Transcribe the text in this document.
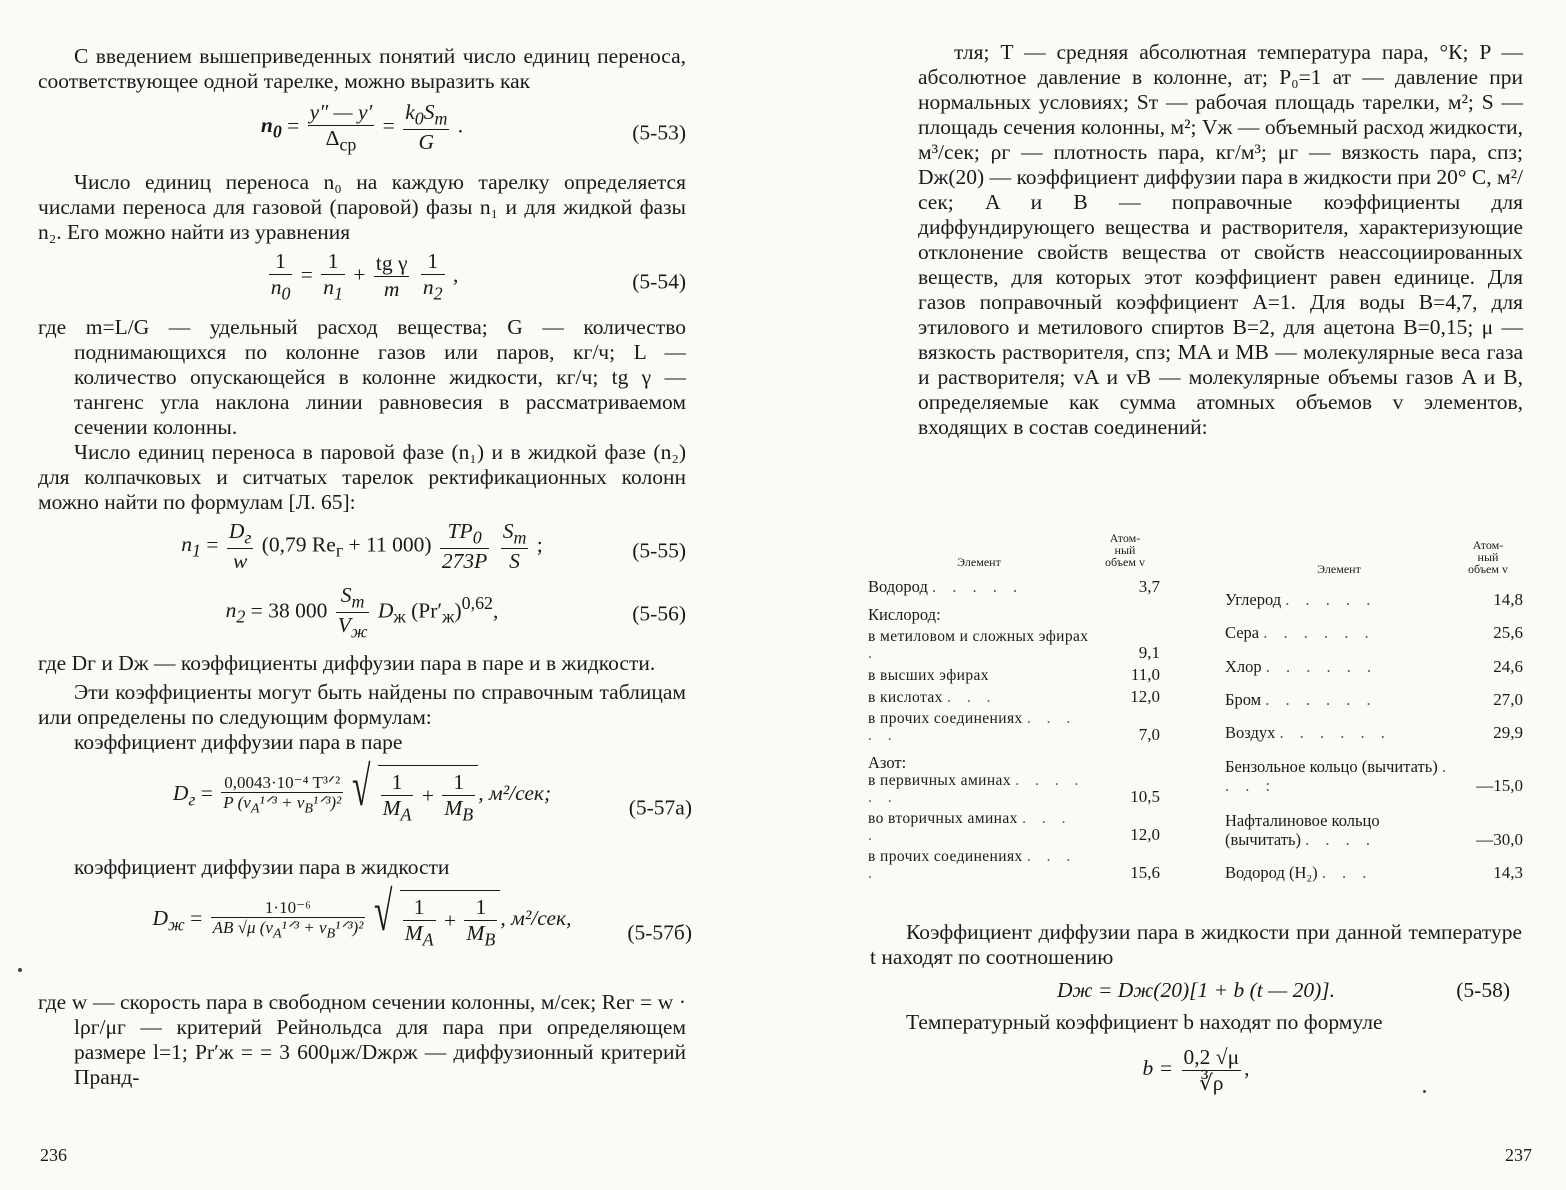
С введением вышеприведенных понятий число единиц переноса, соответствующее одной тарелке, можно выразить как

$n_0 = \frac{y'' — y'}{\Delta_{ср}} = \frac{k_0S_т}{G}$ .	(5-53)

Число единиц переноса n₀ на каждую тарелку определяется числами переноса для газовой (паровой) фазы n₁ и для жидкой фазы n₂. Его можно найти из уравнения

$\frac{1}{n_0} = \frac{1}{n_1} + \frac{\text{tg γ}}{m}$
$\frac{1}{n_2}$ ,	(5-54)

где m=L/G — удельный расход вещества; G — количество поднимающихся по колонне газов или паров, кг/ч; L — количество опускающейся в колонне жидкости, кг/ч; tg γ — тангенс угла наклона линии равновесия в рассматриваемом сечении колонны.

Число единиц переноса в паровой фазе (n₁) и в жидкой фазе (n₂) для колпачковых и ситчатых тарелок ректификационных колонн можно найти по формулам [Л. 65]:

$n_1 = \frac{D_г}{w} (0,79$ $Re_г + 11$ $000) \frac{TP_0}{273P}$
$\frac{S_т}{S}$ ;	(5-55)
$n_2 = 38$ $000 \frac{S_т}{V_ж} D_ж$ $(Pr'_ж)^{0,62}$,	(5-56)

где Dг и Dж — коэффициенты диффузии пара в паре и в жидкости.

Эти коэффициенты могут быть найдены по справочным таблицам или определены по следующим формулам:

коэффициент диффузии пара в паре

$D_г = \frac{\text{0,0043·10⁻⁴ T³ᐟ²}}{P (v_A^1ᐟ^3 + v_B^1ᐟ^3)^2}$
√ $\frac{1}{M_A} + \frac{1}{M_B}$ , м²/сек;
(5-57а)

коэффициент диффузии пара в жидкости

$D_ж = \frac{\text{1·10⁻⁶}}{AB √\mu (v_A^1ᐟ^3 + v_B^1ᐟ^3)^2}$
√ $\frac{1}{M_A} + \frac{1}{M_B}$ , м²/сек,
(5-57б)

где w — скорость пара в свободном сечении колонны, м/сек; Reг = w · lρг/μг — критерий Рейнольдса для пара при определяющем размере l=1; Pr′ж = = 3 600μж/Dжρж — диффузионный критерий Пранд-

236

тля; T — средняя абсолютная температура пара, °К; P — абсолютное давление в колонне, ат; P₀=1 ат — давление при нормальных условиях; Sт — рабочая площадь тарелки, м²; S — площадь сечения колонны, м²; Vж — объемный расход жидкости, м³/сек; ρг — плотность пара, кг/м³; μг — вязкость пара, спз; Dж(20) — коэффициент диффузии пара в жидкости при 20° С, м²/сек; A и B — поправочные коэффициенты для диффундирующего вещества и растворителя, характеризующие отклонение свойств вещества от свойств неассоциированных веществ, для которых этот коэффициент равен единице. Для газов поправочный коэффициент A=1. Для воды B=4,7, для этилового и метилового спиртов B=2, для ацетона B=0,15; μ — вязкость растворителя, спз; MA и MB — молекулярные веса газа и растворителя; vA и vB — молекулярные объемы газов A и B, определяемые как сумма атомных объемов v элементов, входящих в состав соединений:

Элемент	Атом-
ный
объем v
Водород . . . . .	3,7
Кислород:	
в метиловом и сложных эфирах .	9,1
в высших эфирах	11,0
в кислотах . . .	12,0
в прочих соединениях . . . . .	7,0
Азот:	
в первичных аминах . . . . . .	10,5
во вторичных аминах . . . .	12,0
в прочих соединениях . . . .	15,6
Элемент	Атом-
ный
объем v
Углерод . . . . .	14,8
Сера . . . . . .	25,6
Хлор . . . . . .	24,6
Бром . . . . . .	27,0
Воздух . . . . . .	29,9
Бензольное кольцо (вычитать) . . . :	—15,0
Нафталиновое кольцо (вычитать) . . . .	—30,0
Водород (H₂) . . .	14,3

Коэффициент диффузии пара в жидкости при данной температуре t находят по соотношению

Dж = Dж(20)[1 + b (t — 20)].	(5-58)

Температурный коэффициент b находят по формуле

$b = \frac{0,2 √\mu}{∛\rho}$ ,
237
